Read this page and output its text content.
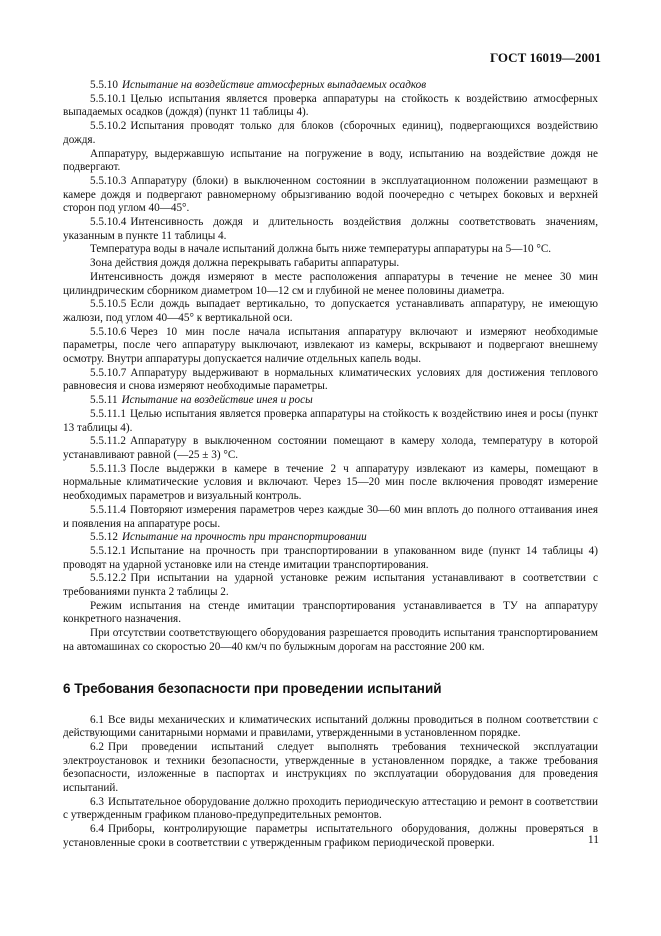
ГОСТ 16019—2001

5.5.10 Испытание на воздействие атмосферных выпадаемых осадков

5.5.10.1 Целью испытания является проверка аппаратуры на стойкость к воздействию атмосферных выпадаемых осадков (дождя) (пункт 11 таблицы 4).

5.5.10.2 Испытания проводят только для блоков (сборочных единиц), подвергающихся воздействию дождя.

Аппаратуру, выдержавшую испытание на погружение в воду, испытанию на воздействие дождя не подвергают.

5.5.10.3 Аппаратуру (блоки) в выключенном состоянии в эксплуатационном положении размещают в камере дождя и подвергают равномерному обрызгиванию водой поочередно с четырех боковых и верхней сторон под углом 40—45°.

5.5.10.4 Интенсивность дождя и длительность воздействия должны соответствовать значениям, указанным в пункте 11 таблицы 4.

Температура воды в начале испытаний должна быть ниже температуры аппаратуры на 5—10 °С.

Зона действия дождя должна перекрывать габариты аппаратуры.

Интенсивность дождя измеряют в месте расположения аппаратуры в течение не менее 30 мин цилиндрическим сборником диаметром 10—12 см и глубиной не менее половины диаметра.

5.5.10.5 Если дождь выпадает вертикально, то допускается устанавливать аппаратуру, не имеющую жалюзи, под углом 40—45° к вертикальной оси.

5.5.10.6 Через 10 мин после начала испытания аппаратуру включают и измеряют необходимые параметры, после чего аппаратуру выключают, извлекают из камеры, вскрывают и подвергают внешнему осмотру. Внутри аппаратуры допускается наличие отдельных капель воды.

5.5.10.7 Аппаратуру выдерживают в нормальных климатических условиях для достижения теплового равновесия и снова измеряют необходимые параметры.

5.5.11 Испытание на воздействие инея и росы

5.5.11.1 Целью испытания является проверка аппаратуры на стойкость к воздействию инея и росы (пункт 13 таблицы 4).

5.5.11.2 Аппаратуру в выключенном состоянии помещают в камеру холода, температуру в которой устанавливают равной (—25 ± 3) °С.

5.5.11.3 После выдержки в камере в течение 2 ч аппаратуру извлекают из камеры, помещают в нормальные климатические условия и включают. Через 15—20 мин после включения проводят измерение необходимых параметров и визуальный контроль.

5.5.11.4 Повторяют измерения параметров через каждые 30—60 мин вплоть до полного оттаивания инея и появления на аппаратуре росы.

5.5.12 Испытание на прочность при транспортировании

5.5.12.1 Испытание на прочность при транспортировании в упакованном виде (пункт 14 таблицы 4) проводят на ударной установке или на стенде имитации транспортирования.

5.5.12.2 При испытании на ударной установке режим испытания устанавливают в соответствии с требованиями пункта 2 таблицы 2.

Режим испытания на стенде имитации транспортирования устанавливается в ТУ на аппаратуру конкретного назначения.

При отсутствии соответствующего оборудования разрешается проводить испытания транспортированием на автомашинах со скоростью 20—40 км/ч по булыжным дорогам на расстояние 200 км.

6 Требования безопасности при проведении испытаний

6.1 Все виды механических и климатических испытаний должны проводиться в полном соответствии с действующими санитарными нормами и правилами, утвержденными в установленном порядке.

6.2 При проведении испытаний следует выполнять требования технической эксплуатации электроустановок и техники безопасности, утвержденные в установленном порядке, а также требования безопасности, изложенные в паспортах и инструкциях по эксплуатации оборудования для проведения испытаний.

6.3 Испытательное оборудование должно проходить периодическую аттестацию и ремонт в соответствии с утвержденным графиком планово-предупредительных ремонтов.

6.4 Приборы, контролирующие параметры испытательного оборудования, должны проверяться в установленные сроки в соответствии с утвержденным графиком периодической проверки.	11
